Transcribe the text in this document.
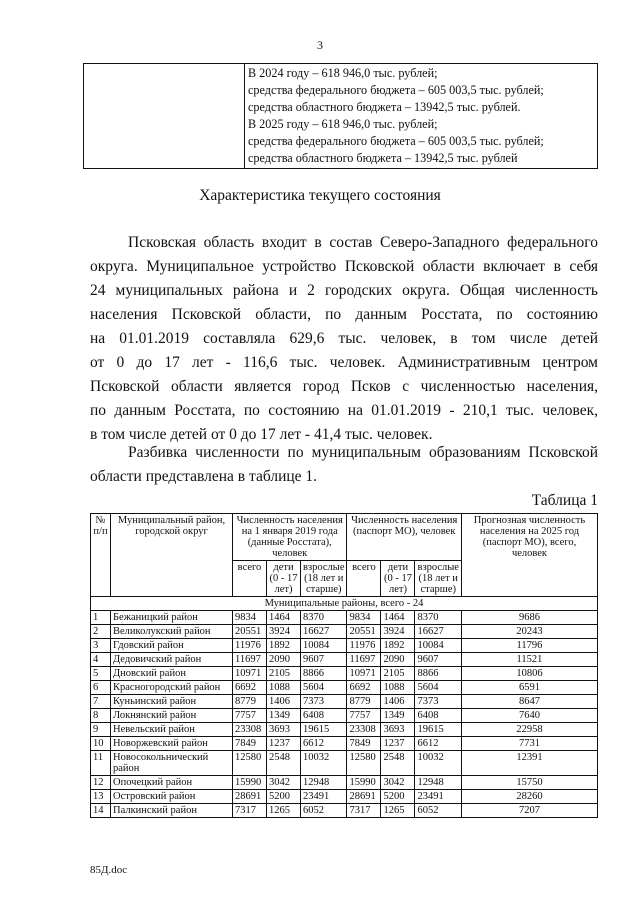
3

В 2024 году – 618 946,0 тыс. рублей;
средства федерального бюджета – 605 003,5 тыс. рублей;
средства областного бюджета – 13942,5 тыс. рублей.
В 2025 году – 618 946,0 тыс. рублей;
средства федерального бюджета – 605 003,5 тыс. рублей;
средства областного бюджета – 13942,5 тыс. рублей
Характеристика текущего состояния
Псковская область входит в состав Северо-Западного федерального
округа. Муниципальное устройство Псковской области включает в себя
24 муниципальных района и 2 городских округа. Общая численность
населения Псковской области, по данным Росстата, по состоянию
на 01.01.2019 составляла 629,6 тыс. человек, в том числе детей
от 0 до 17 лет - 116,6 тыс. человек. Административным центром
Псковской области является город Псков с численностью населения,
по данным Росстата, по состоянию на 01.01.2019 - 210,1 тыс. человек,
в том числе детей от 0 до 17 лет - 41,4 тыс. человек.
Разбивка численности по муниципальным образованиям Псковской
области представлена в таблице 1.
Таблица 1
№ п/п	Муниципальный район, городской округ	Численность населения на 1 января 2019 года (данные Росстата), человек			Численность населения (паспорт МО), человек			Прогнозная численность населения на 2025 год (паспорт МО), всего, человек
		всего	дети (0 - 17 лет)	взрослые (18 лет и старше)	всего	дети (0 - 17 лет)	взрослые (18 лет и старше)	
Муниципальные районы, всего - 24								
1	Бежаницкий район	9834	1464	8370	9834	1464	8370	9686
2	Великолукский район	20551	3924	16627	20551	3924	16627	20243
3	Гдовский район	11976	1892	10084	11976	1892	10084	11796
4	Дедовичский район	11697	2090	9607	11697	2090	9607	11521
5	Дновский район	10971	2105	8866	10971	2105	8866	10806
6	Красногородский район	6692	1088	5604	6692	1088	5604	6591
7	Куньинский район	8779	1406	7373	8779	1406	7373	8647
8	Локнянский район	7757	1349	6408	7757	1349	6408	7640
9	Невельский район	23308	3693	19615	23308	3693	19615	22958
10	Новоржевский район	7849	1237	6612	7849	1237	6612	7731
11	Новосокольнический район	12580	2548	10032	12580	2548	10032	12391
12	Опочецкий район	15990	3042	12948	15990	3042	12948	15750
13	Островский район	28691	5200	23491	28691	5200	23491	28260
14	Палкинский район	7317	1265	6052	7317	1265	6052	7207
85Д.doc
